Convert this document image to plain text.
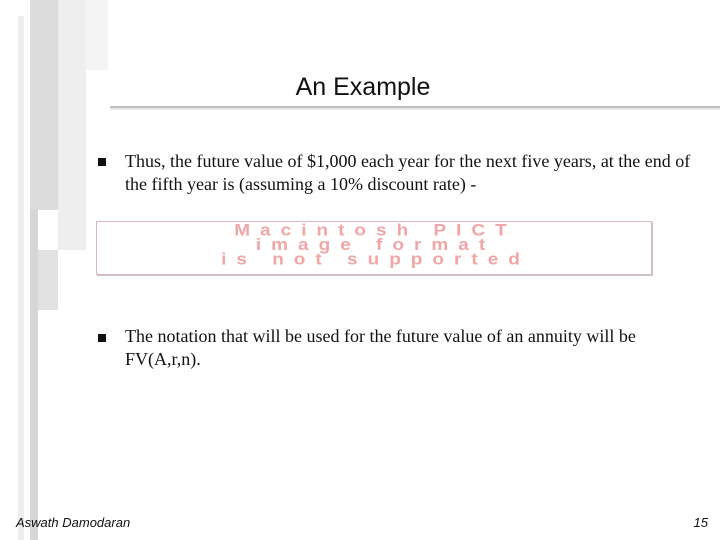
An Example
Thus, the future value of $1,000 each year for the next five years, at the end of the fifth year is (assuming a 10% discount rate) -
Macintosh PICT
image format
is not supported
The notation that will be used for the future value of an annuity will be FV(A,r,n).
Aswath Damodaran	15
